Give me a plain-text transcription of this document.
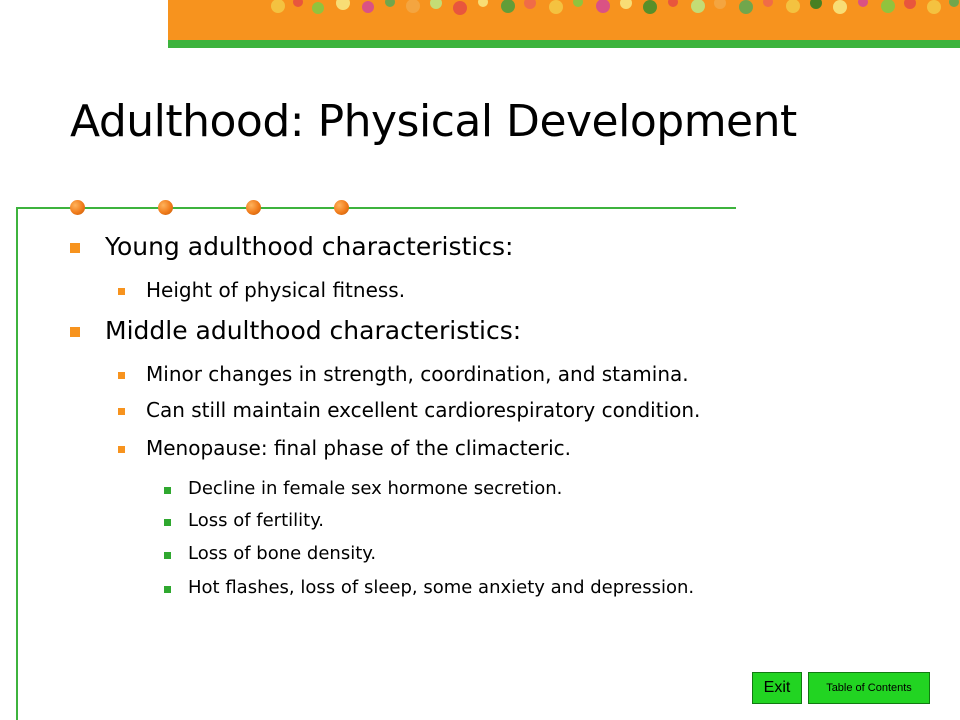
Adulthood: Physical Development
Young adulthood characteristics:
Height of physical fitness.
Middle adulthood characteristics:
Minor changes in strength, coordination, and stamina.
Can still maintain excellent cardiorespiratory condition.
Menopause: final phase of the climacteric.
Decline in female sex hormone secretion.
Loss of fertility.
Loss of bone density.
Hot flashes, loss of sleep, some anxiety and depression.
Exit	Table of Contents
